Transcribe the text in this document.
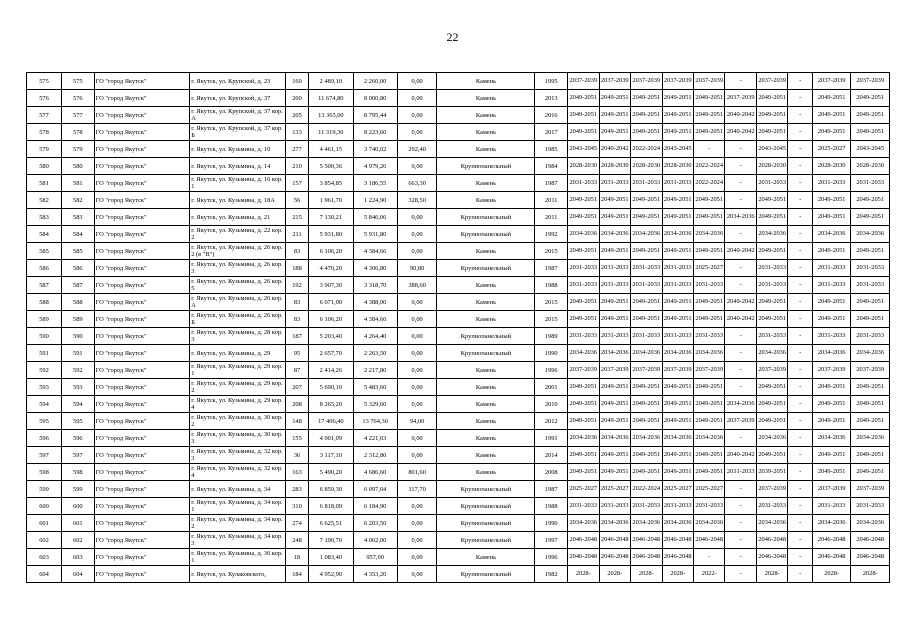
22
575	575	ГО "город Якутск"	г. Якутск, ул. Крупской, д. 23	160	2 489,10	2 260,00	0,00	Камень	1995	2037-2039	2037-2039	2037-2039	2037-2039	2037-2039	-	2037-2039	-	2037-2039	2037-2039
576	576	ГО "город Якутск"	г. Якутск, ул. Крупской, д. 37	200	11 674,80	8 000,80	0,00	Камень	2013	2049-2051	2049-2051	2049-2051	2049-2051	2049-2051	2037-2039	2049-2051	-	2049-2051	2049-2051
577	577	ГО "город Якутск"	г. Якутск, ул. Крупской, д. 37 кор. А	205	13 365,00	8 795,44	0,00	Камень	2016	2049-2051	2049-2051	2049-2051	2049-2051	2049-2051	2040-2042	2049-2051	-	2049-2051	2049-2051
578	578	ГО "город Якутск"	г. Якутск, ул. Крупской, д. 37 кор. Б	133	11 319,30	8 223,60	0,00	Камень	2017	2049-2051	2049-2051	2049-2051	2049-2051	2049-2051	2040-2042	2049-2051	-	2049-2051	2049-2051
579	579	ГО "город Якутск"	г. Якутск, ул. Кузьмина, д. 10	277	4 461,15	3 740,02	292,40	Камень	1985	2043-2045	2040-2042	2022-2024	2043-2045	-	-	2043-2045	-	2025-2027	2043-2045
580	580	ГО "город Якутск"	г. Якутск, ул. Кузьмина, д. 14	210	5 500,36	4 979,26	0,00	Крупнопанельный	1984	2028-2030	2028-2030	2028-2030	2028-2030	2022-2024	-	2028-2030	-	2028-2030	2028-2030
581	581	ГО "город Якутск"	г. Якутск, ул. Кузьмина, д. 16 кор. 1	157	3 854,85	3 186,55	663,30	Камень	1987	2031-2033	2031-2033	2031-2033	2031-2033	2022-2024	-	2031-2033	-	2031-2033	2031-2033
582	582	ГО "город Якутск"	г. Якутск, ул. Кузьмина, д. 18А	56	1 961,70	1 224,90	328,50	Камень	2011	2049-2051	2049-2051	2049-2051	2049-2051	2049-2051	-	2049-2051	-	2049-2051	2049-2051
583	583	ГО "город Якутск"	г. Якутск, ул. Кузьмина, д. 21	215	7 130,21	5 846,06	0,00	Крупнопанельный	2011	2049-2051	2049-2051	2049-2051	2049-2051	2049-2051	2034-2036	2049-2051	-	2049-2051	2049-2051
584	584	ГО "город Якутск"	г. Якутск, ул. Кузьмина, д. 22 кор. 2	211	5 931,80	5 931,80	0,00	Крупнопанельный	1992	2034-2036	2034-2036	2034-2036	2034-2036	2034-2036	-	2034-2036	-	2034-2036	2034-2036
585	585	ГО "город Якутск"	г. Якутск, ул. Кузьмина, д. 26 кор. 2 (в "В")	83	6 106,20	4 384,66	0,00	Камень	2015	2049-2051	2049-2051	2049-2051	2049-2051	2049-2051	2040-2042	2049-2051	-	2049-2051	2049-2051
586	586	ГО "город Якутск"	г. Якутск, ул. Кузьмина, д. 26 кор. 3	188	4 470,20	4 306,80	90,80	Крупнопанельный	1987	2031-2033	2031-2033	2031-2033	2031-2033	2025-2027	-	2031-2033	-	2031-2033	2031-2033
587	587	ГО "город Якутск"	г. Якутск, ул. Кузьмина, д. 26 кор. 5	192	3 907,30	3 318,70	388,60	Камень	1988	2031-2033	2031-2033	2031-2033	2031-2033	2031-2033	-	2031-2033	-	2031-2033	2031-2033
588	588	ГО "город Якутск"	г. Якутск, ул. Кузьмина, д. 26 кор. А	83	6 071,00	4 388,00	0,00	Камень	2015	2049-2051	2049-2051	2049-2051	2049-2051	2049-2051	2040-2042	2049-2051	-	2049-2051	2049-2051
589	589	ГО "город Якутск"	г. Якутск, ул. Кузьмина, д. 26 кор. Б	83	6 106,20	4 384,66	0,00	Камень	2015	2049-2051	2049-2051	2049-2051	2049-2051	2049-2051	2040-2042	2049-2051	-	2049-2051	2049-2051
590	590	ГО "город Якутск"	г. Якутск, ул. Кузьмина, д. 28 кор. 3	187	5 203,40	4 264,40	0,00	Крупнопанельный	1989	2031-2033	2031-2033	2031-2033	2031-2033	2031-2033	-	2031-2033	-	2031-2033	2031-2033
591	591	ГО "город Якутск"	г. Якутск, ул. Кузьмина, д. 29	95	2 657,70	2 263,50	0,00	Крупнопанельный	1990	2034-2036	2034-2036	2034-2036	2034-2036	2034-2036	-	2034-2036	-	2034-2036	2034-2036
592	592	ГО "город Якутск"	г. Якутск, ул. Кузьмина, д. 29 кор. 1	87	2 414,26	2 217,80	0,00	Камень	1996	2037-2039	2037-2039	2037-2039	2037-2039	2037-2039	-	2037-2039	-	2037-2039	2037-2039
593	593	ГО "город Якутск"	г. Якутск, ул. Кузьмина, д. 29 кор. 2	207	5 690,10	5 483,60	0,00	Камень	2001	2049-2051	2049-2051	2049-2051	2049-2051	2049-2051	-	2049-2051	-	2049-2051	2049-2051
594	594	ГО "город Якутск"	г. Якутск, ул. Кузьмина, д. 29 кор. 4	208	8 265,20	5 329,60	0,00	Камень	2010	2049-2051	2049-2051	2049-2051	2049-2051	2049-2051	2034-2036	2049-2051	-	2049-2051	2049-2051
595	595	ГО "город Якутск"	г. Якутск, ул. Кузьмина, д. 30 кор. 2	148	17 406,40	13 764,30	94,00	Камень	2012	2049-2051	2049-2051	2049-2051	2049-2051	2049-2051	2037-2039	2049-2051	-	2049-2051	2049-2051
596	596	ГО "город Якутск"	г. Якутск, ул. Кузьмина, д. 30 кор. 3	155	4 901,09	4 221,03	0,00	Камень	1991	2034-2036	2034-2036	2034-2036	2034-2036	2034-2036	-	2034-2036	-	2034-2036	2034-2036
597	597	ГО "город Якутск"	г. Якутск, ул. Кузьмина, д. 32 кор. 3	36	3 117,10	2 312,80	0,00	Камень	2014	2049-2051	2049-2051	2049-2051	2049-2051	2049-2051	2040-2042	2049-2051	-	2049-2051	2049-2051
598	598	ГО "город Якутск"	г. Якутск, ул. Кузьмина, д. 32 кор. 4	163	5 490,20	4 686,60	801,60	Камень	2008	2049-2051	2049-2051	2049-2051	2049-2051	2049-2051	2031-2033	2039-2051	-	2049-2051	2049-2051
599	599	ГО "город Якутск"	г. Якутск, ул. Кузьмина, д. 34	283	6 859,30	6 097,04	117,70	Крупнопанельный	1987	2025-2027	2025-2027	2022-2024	2025-2027	2025-2027	-	2037-2039	-	2037-2039	2037-2039
600	600	ГО "город Якутск"	г. Якутск, ул. Кузьмина, д. 34 кор. 1	310	6 818,09	6 184,90	0,00	Крупнопанельный	1988	2031-2033	2031-2033	2031-2033	2031-2033	2031-2033	-	2031-2033	-	2031-2033	2031-2033
601	601	ГО "город Якутск"	г. Якутск, ул. Кузьмина, д. 34 кор. 2	274	6 625,51	6 203,50	0,00	Крупнопанельный	1990	2034-2036	2034-2036	2034-2036	2034-2036	2034-2036	-	2034-2036	-	2034-2036	2034-2036
602	602	ГО "город Якутск"	г. Якутск, ул. Кузьмина, д. 34 кор. 3	248	7 190,70	4 062,00	0,00	Крупнопанельный	1997	2046-2048	2046-2048	2046-2048	2046-2048	2046-2048	-	2046-2048	-	2046-2048	2046-2048
603	603	ГО "город Якутск"	г. Якутск, ул. Кузьмина, д. 36 кор. 1	18	1 083,40	957,00	0,00	Камень	1996	2046-2048	2046-2048	2046-2048	2046-2048	-	-	2046-2048	-	2046-2048	2046-2048
604	604	ГО "город Якутск"	г. Якутск, ул. Кулаковского,	184	4 952,90	4 353,20	0,00	Крупнопанельный	1982	2028-	2028-	2028-	2028-	2022-	-	2028-	-	2028-	2028-
